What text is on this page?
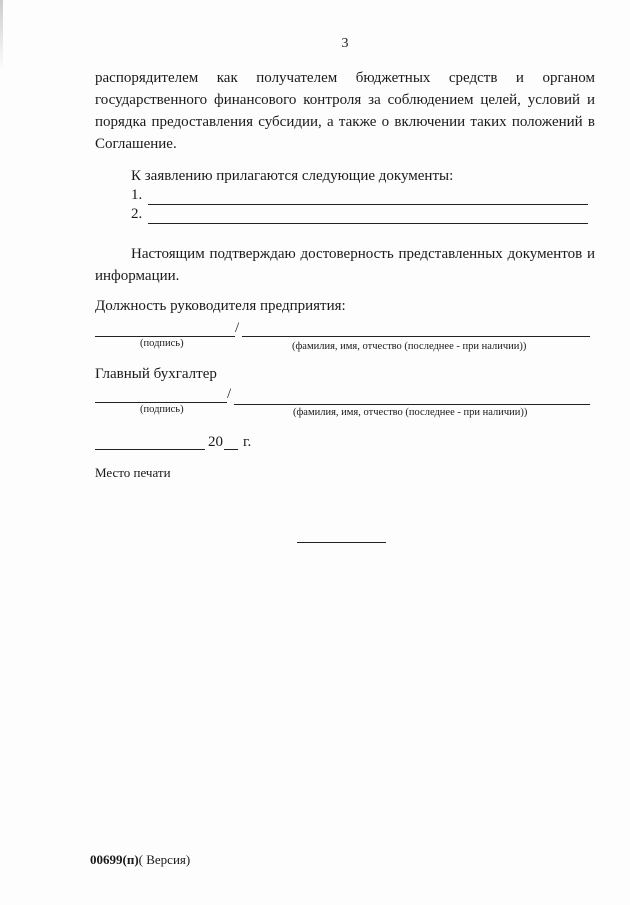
3
распорядителем как получателем бюджетных средств и органом государственного финансового контроля за соблюдением целей, условий и порядка предоставления субсидии, а также о включении таких положений в Соглашение.
К заявлению прилагаются следующие документы:
1.
2.
Настоящим подтверждаю достоверность представленных документов и информации.
Должность руководителя предприятия:
/
(подпись)	(фамилия, имя, отчество (последнее - при наличии))
Главный бухгалтер
/
(подпись)	(фамилия, имя, отчество (последнее - при наличии))
20 г.
Место печати
00699(п)( Версия)
